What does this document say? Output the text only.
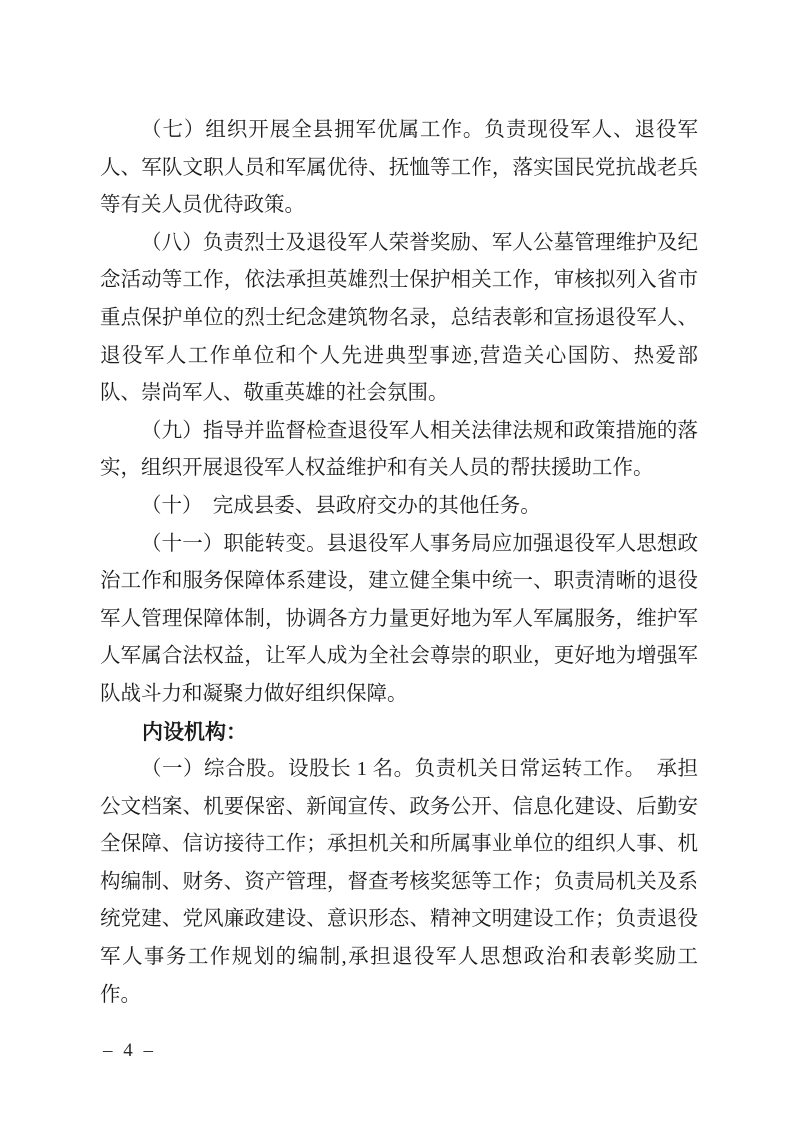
（七）组织开展全县拥军优属工作。负责现役军人、退役军人、军队文职人员和军属优待、抚恤等工作，落实国民党抗战老兵等有关人员优待政策。

（八）负责烈士及退役军人荣誉奖励、军人公墓管理维护及纪念活动等工作，依法承担英雄烈士保护相关工作，审核拟列入省市重点保护单位的烈士纪念建筑物名录，总结表彰和宣扬退役军人、退役军人工作单位和个人先进典型事迹,营造关心国防、热爱部队、崇尚军人、敬重英雄的社会氛围。

（九）指导并监督检查退役军人相关法律法规和政策措施的落实，组织开展退役军人权益维护和有关人员的帮扶援助工作。

（十）　完成县委、县政府交办的其他任务。

（十一）职能转变。县退役军人事务局应加强退役军人思想政治工作和服务保障体系建设，建立健全集中统一、职责清晰的退役军人管理保障体制，协调各方力量更好地为军人军属服务，维护军人军属合法权益，让军人成为全社会尊崇的职业，更好地为增强军队战斗力和凝聚力做好组织保障。

内设机构：

（一）综合股。设股长 1 名。负责机关日常运转工作。　承担公文档案、机要保密、新闻宣传、政务公开、信息化建设、后勤安全保障、信访接待工作；承担机关和所属事业单位的组织人事、机构编制、财务、资产管理，督查考核奖惩等工作；负责局机关及系统党建、党风廉政建设、意识形态、精神文明建设工作；负责退役军人事务工作规划的编制,承担退役军人思想政治和表彰奖励工作。

– 4 –
